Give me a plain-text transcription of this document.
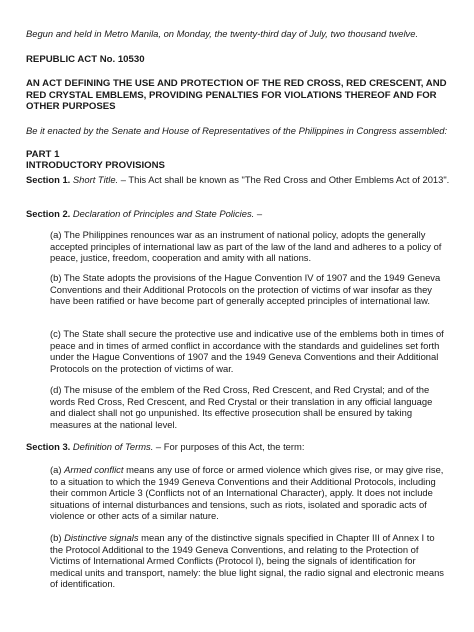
Begun and held in Metro Manila, on Monday, the twenty-third day of July, two thousand twelve.

REPUBLIC ACT No. 10530

AN ACT DEFINING THE USE AND PROTECTION OF THE RED CROSS, RED CRESCENT, AND RED CRYSTAL EMBLEMS, PROVIDING PENALTIES FOR VIOLATIONS THEREOF AND FOR OTHER PURPOSES

Be it enacted by the Senate and House of Representatives of the Philippines in Congress assembled:

PART 1

INTRODUCTORY PROVISIONS

Section 1. Short Title. – This Act shall be known as "The Red Cross and Other Emblems Act of 2013".

Section 2. Declaration of Principles and State Policies. –

(a) The Philippines renounces war as an instrument of national policy, adopts the generally accepted principles of international law as part of the law of the land and adheres to a policy of peace, justice, freedom, cooperation and amity with all nations.

(b) The State adopts the provisions of the Hague Convention IV of 1907 and the 1949 Geneva Conventions and their Additional Protocols on the protection of victims of war insofar as they have been ratified or have become part of generally accepted principles of international law.

(c) The State shall secure the protective use and indicative use of the emblems both in times of peace and in times of armed conflict in accordance with the standards and guidelines set forth under the Hague Conventions of 1907 and the 1949 Geneva Conventions and their Additional Protocols on the protection of victims of war.

(d) The misuse of the emblem of the Red Cross, Red Crescent, and Red Crystal; and of the words Red Cross, Red Crescent, and Red Crystal or their translation in any official language and dialect shall not go unpunished. Its effective prosecution shall be ensured by taking measures at the national level.

Section 3. Definition of Terms. – For purposes of this Act, the term:

(a) Armed conflict means any use of force or armed violence which gives rise, or may give rise, to a situation to which the 1949 Geneva Conventions and their Additional Protocols, including their common Article 3 (Conflicts not of an International Character), apply. It does not include situations of internal disturbances and tensions, such as riots, isolated and sporadic acts of violence or other acts of a similar nature.

(b) Distinctive signals mean any of the distinctive signals specified in Chapter III of Annex I to the Protocol Additional to the 1949 Geneva Conventions, and relating to the Protection of Victims of International Armed Conflicts (Protocol I), being the signals of identification for medical units and transport, namely: the blue light signal, the radio signal and electronic means of identification.
